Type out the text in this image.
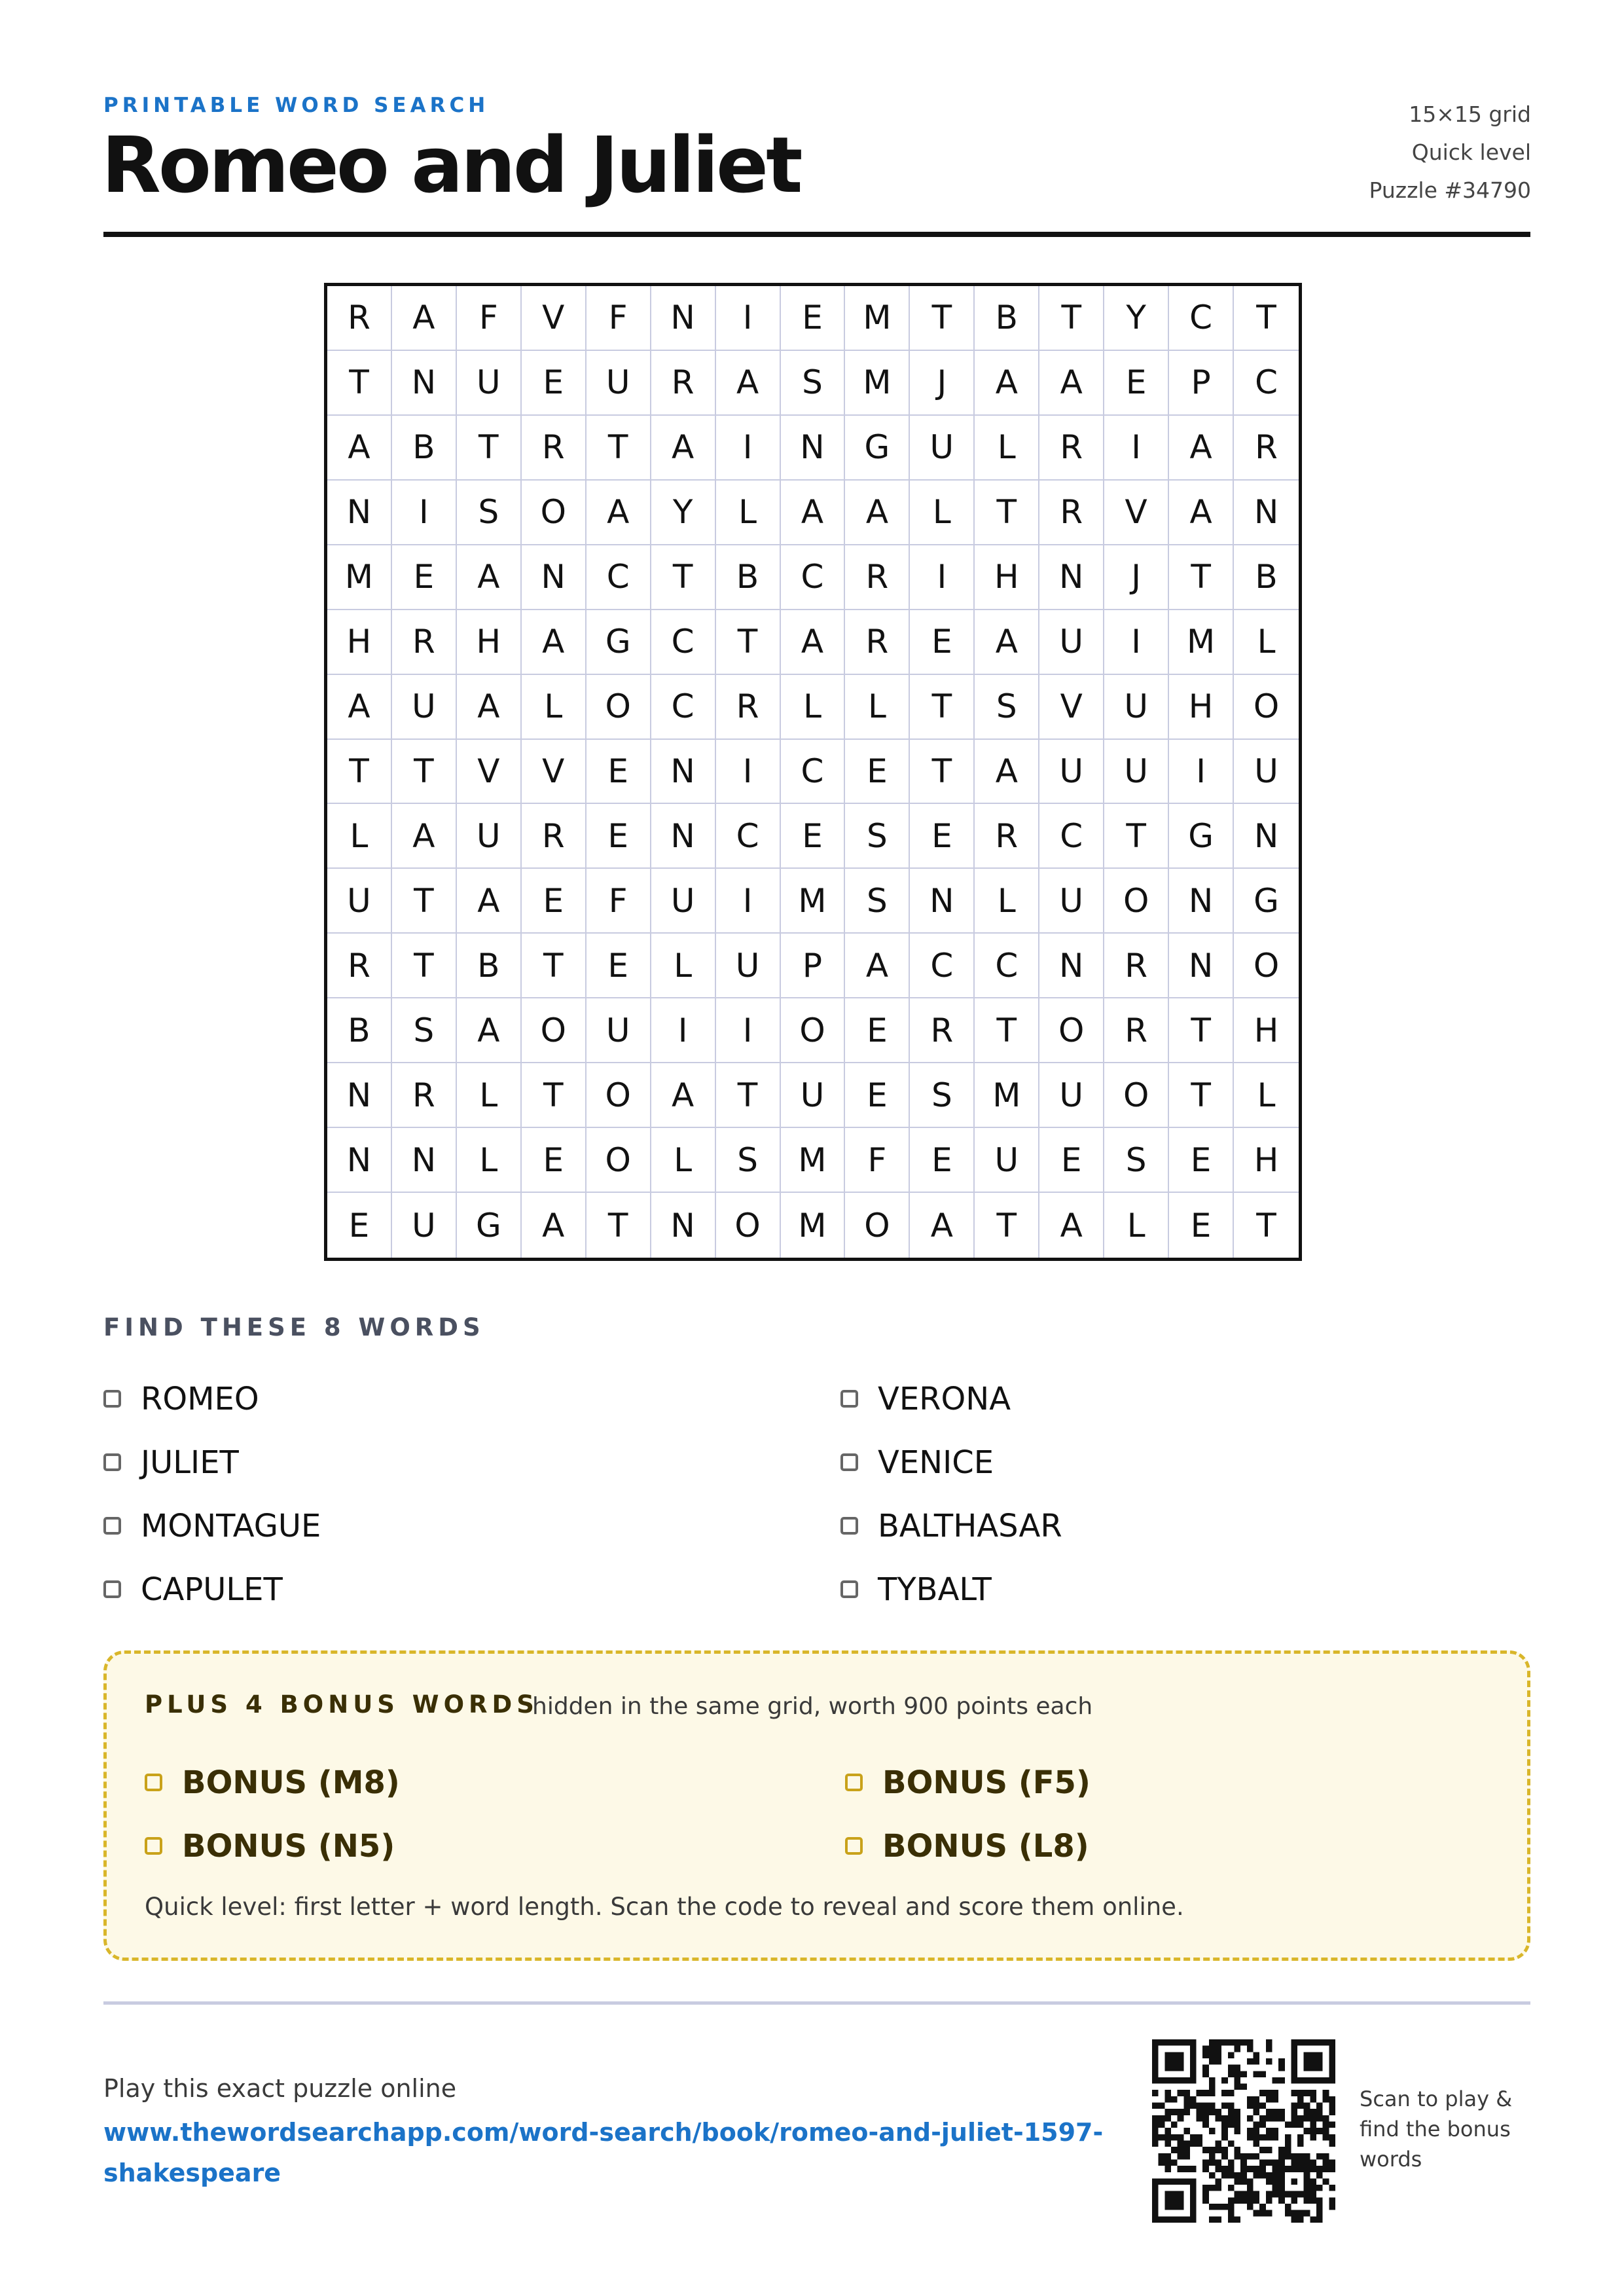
PRINTABLE WORD SEARCH
Romeo and Juliet
15×15 grid
Quick level
Puzzle #34790
R	A	F	V	F	N	I	E	M	T	B	T	Y	C	T
T	N	U	E	U	R	A	S	M	J	A	A	E	P	C
A	B	T	R	T	A	I	N	G	U	L	R	I	A	R
N	I	S	O	A	Y	L	A	A	L	T	R	V	A	N
M	E	A	N	C	T	B	C	R	I	H	N	J	T	B
H	R	H	A	G	C	T	A	R	E	A	U	I	M	L
A	U	A	L	O	C	R	L	L	T	S	V	U	H	O
T	T	V	V	E	N	I	C	E	T	A	U	U	I	U
L	A	U	R	E	N	C	E	S	E	R	C	T	G	N
U	T	A	E	F	U	I	M	S	N	L	U	O	N	G
R	T	B	T	E	L	U	P	A	C	C	N	R	N	O
B	S	A	O	U	I	I	O	E	R	T	O	R	T	H
N	R	L	T	O	A	T	U	E	S	M	U	O	T	L
N	N	L	E	O	L	S	M	F	E	U	E	S	E	H
E	U	G	A	T	N	O	M	O	A	T	A	L	E	T
FIND THESE 8 WORDS
ROMEO	VERONA
JULIET	VENICE
MONTAGUE	BALTHASAR
CAPULET	TYBALT
PLUS 4 BONUS WORDS
hidden in the same grid, worth 900 points each
BONUS (M8)	BONUS (F5)
BONUS (N5)	BONUS (L8)
Quick level: first letter + word length. Scan the code to reveal and score them online.
Play this exact puzzle online
www.thewordsearchapp.com/word-search/book/romeo-and-juliet-1597-shakespeare
Scan to play & find the bonus words
